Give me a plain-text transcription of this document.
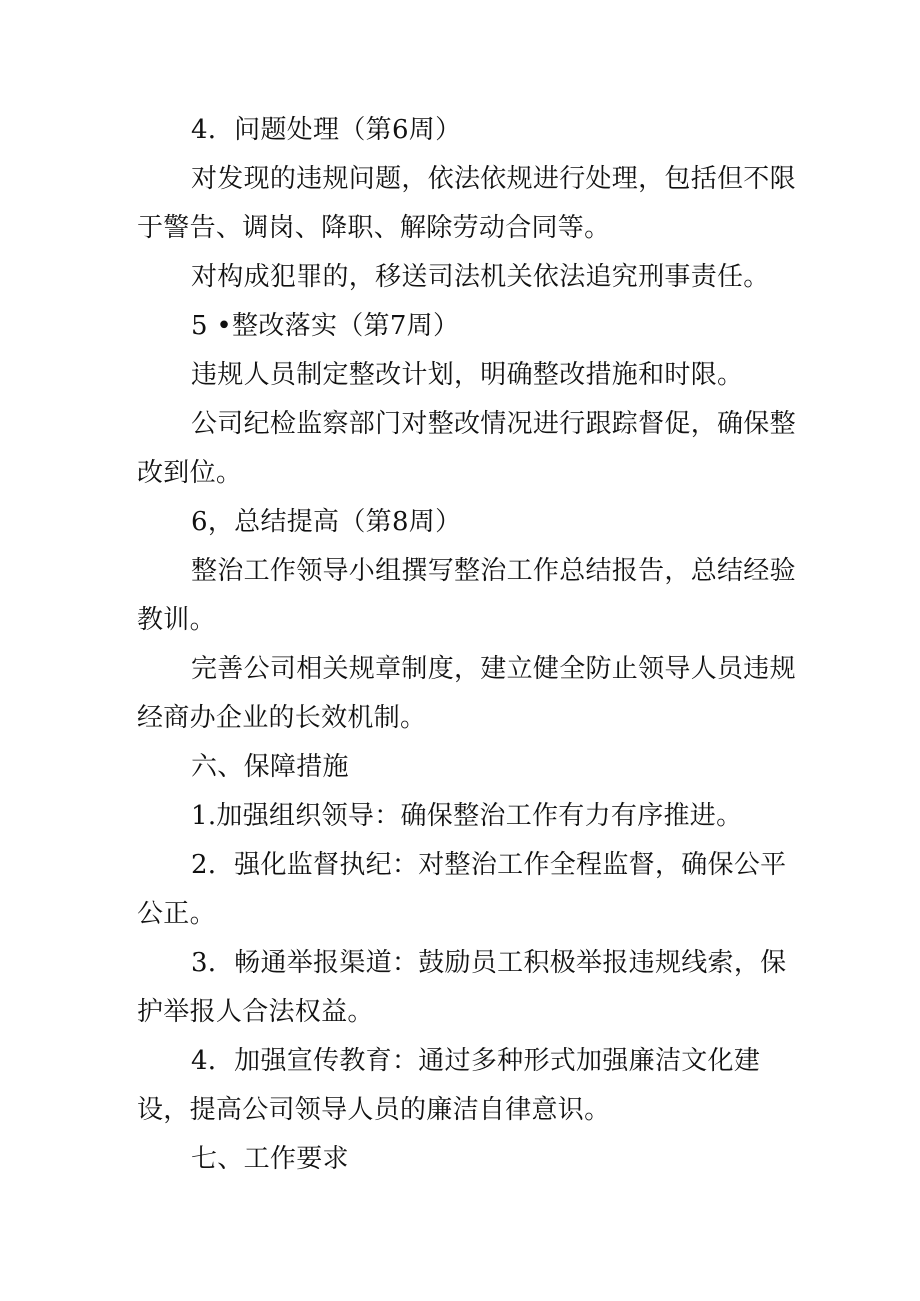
4．问题处理（第6周）

对发现的违规问题，依法依规进行处理，包括但不限于警告、调岗、降职、解除劳动合同等。

对构成犯罪的，移送司法机关依法追究刑事责任。

5 •整改落实（第7周）

违规人员制定整改计划，明确整改措施和时限。

公司纪检监察部门对整改情况进行跟踪督促，确保整改到位。

6，总结提高（第8周）

整治工作领导小组撰写整治工作总结报告，总结经验教训。

完善公司相关规章制度，建立健全防止领导人员违规经商办企业的长效机制。

六、保障措施

1.加强组织领导：确保整治工作有力有序推进。

2．强化监督执纪：对整治工作全程监督，确保公平公正。

3．畅通举报渠道：鼓励员工积极举报违规线索，保护举报人合法权益。

4．加强宣传教育：通过多种形式加强廉洁文化建设，提高公司领导人员的廉洁自律意识。

七、工作要求
